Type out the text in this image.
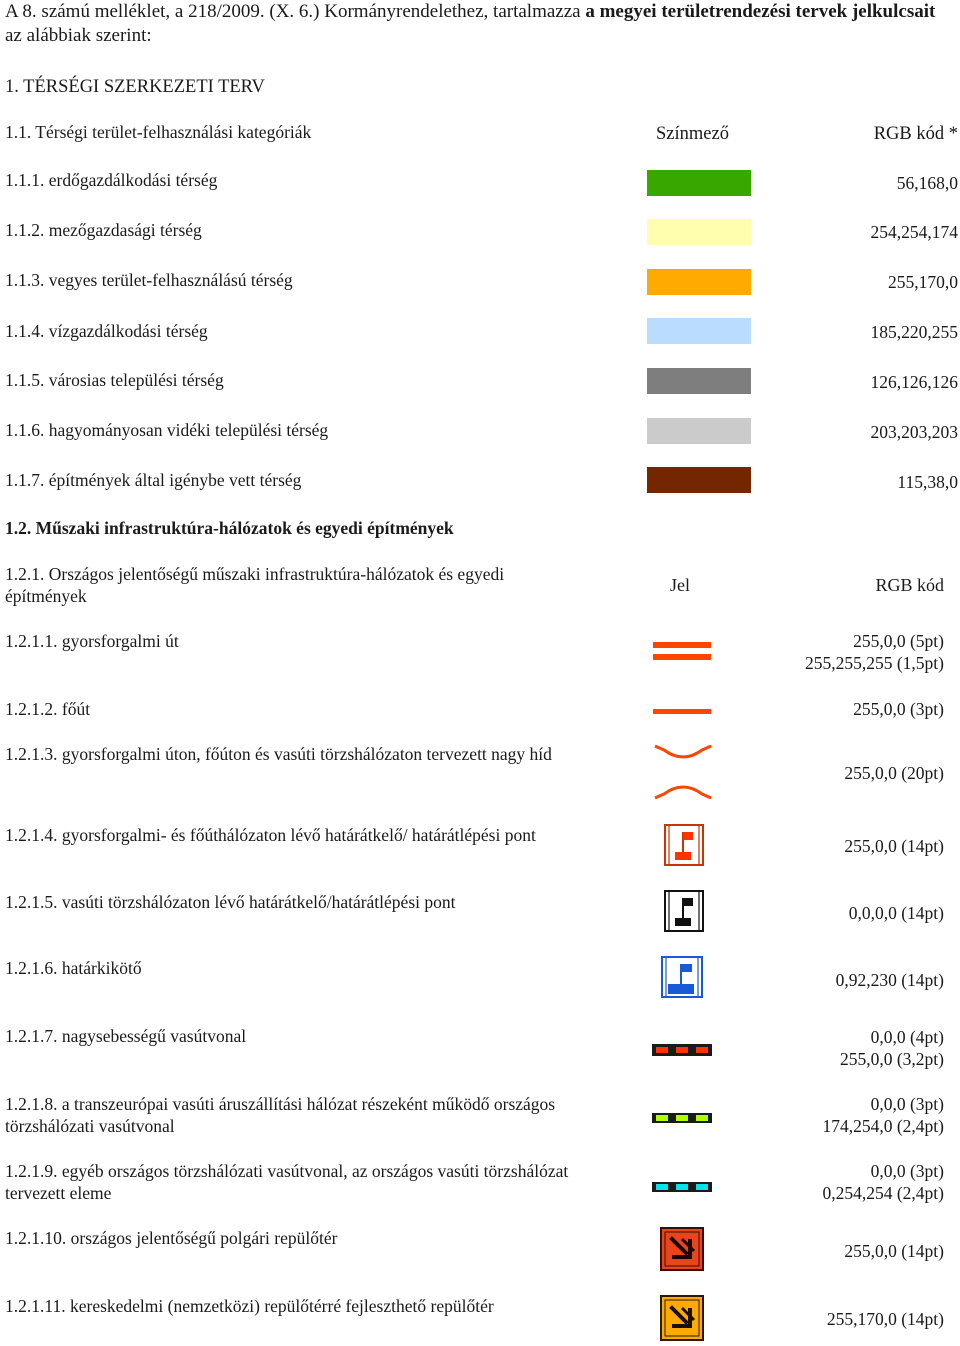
A 8. számú melléklet, a 218/2009. (X. 6.) Kormányrendelethez, tartalmazza a megyei területrendezési tervek jelkulcsait az alábbiak szerint:
1. TÉRSÉGI SZERKEZETI TERV
1.1. Térségi terület-felhasználási kategóriák	Színmező	RGB kód *
1.1.1. erdőgazdálkodási térség	56,168,0
1.1.2. mezőgazdasági térség	254,254,174
1.1.3. vegyes terület-felhasználású térség	255,170,0
1.1.4. vízgazdálkodási térség	185,220,255
1.1.5. városias települési térség	126,126,126
1.1.6. hagyományosan vidéki települési térség	203,203,203
1.1.7. építmények által igénybe vett térség	115,38,0
1.2. Műszaki infrastruktúra-hálózatok és egyedi építmények
1.2.1. Országos jelentőségű műszaki infrastruktúra-hálózatok és egyedi építmények
Jel	RGB kód
1.2.1.1. gyorsforgalmi út	255,0,0 (5pt)
255,255,255 (1,5pt)
1.2.1.2. főút	255,0,0 (3pt)
1.2.1.3. gyorsforgalmi úton, főúton és vasúti törzshálózaton tervezett nagy híd
255,0,0 (20pt)
1.2.1.4. gyorsforgalmi- és főúthálózaton lévő határátkelő/ határátlépési pont
255,0,0 (14pt)
1.2.1.5. vasúti törzshálózaton lévő határátkelő/határátlépési pont
0,0,0,0 (14pt)
1.2.1.6. határkikötő
0,92,230 (14pt)
1.2.1.7. nagysebességű vasútvonal	0,0,0 (4pt)
255,0,0 (3,2pt)
1.2.1.8. a transzeurópai vasúti áruszállítási hálózat részeként működő országos törzshálózati vasútvonal
0,0,0 (3pt)
174,254,0 (2,4pt)
1.2.1.9. egyéb országos törzshálózati vasútvonal, az országos vasúti törzshálózat tervezett eleme
0,0,0 (3pt)
0,254,254 (2,4pt)
1.2.1.10. országos jelentőségű polgári repülőtér
255,0,0 (14pt)
1.2.1.11. kereskedelmi (nemzetközi) repülőtérré fejleszthető repülőtér
255,170,0 (14pt)
